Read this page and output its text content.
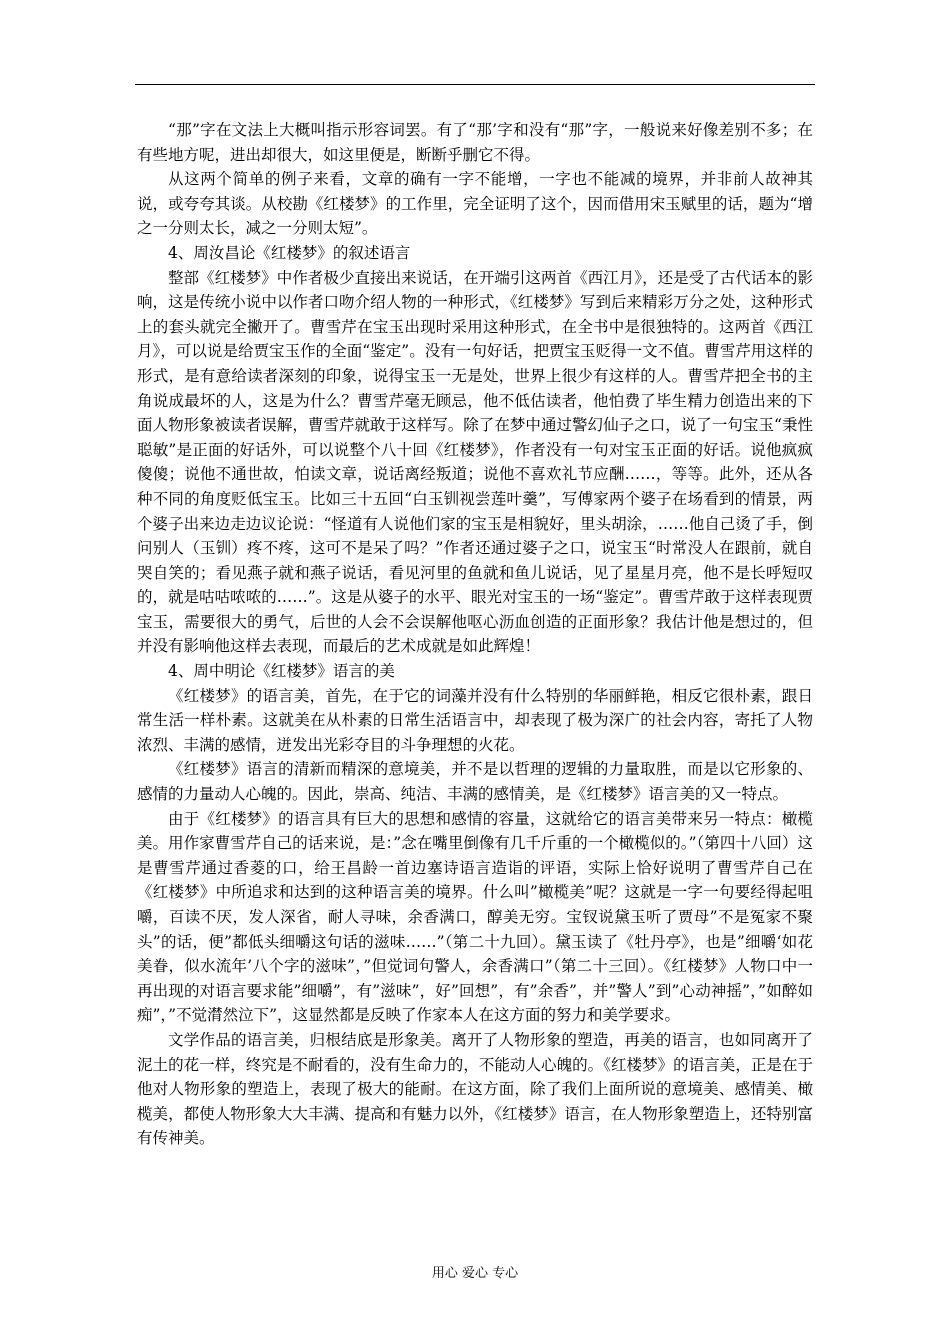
“那”字在文法上大概叫指示形容词罢。有了“那’字和没有“那”字，一般说来好像差别不多；在有些地方呢，进出却很大，如这里便是，断断乎删它不得。

从这两个简单的例子来看，文章的确有一字不能增，一字也不能减的境界，并非前人故神其说，或夸夸其谈。从校勘《红楼梦》的工作里，完全证明了这个，因而借用宋玉赋里的话，题为“增之一分则太长，减之一分则太短”。

4、周汝昌论《红楼梦》的叙述语言

整部《红楼梦》中作者极少直接出来说话，在开端引这两首《西江月》，还是受了古代话本的影响，这是传统小说中以作者口吻介绍人物的一种形式，《红楼梦》写到后来精彩万分之处，这种形式上的套头就完全撇开了。曹雪芹在宝玉出现时采用这种形式，在全书中是很独特的。这两首《西江月》，可以说是给贾宝玉作的全面“鉴定”。没有一句好话，把贾宝玉贬得一文不值。曹雪芹用这样的形式，是有意给读者深刻的印象，说得宝玉一无是处，世界上很少有这样的人。曹雪芹把全书的主角说成最坏的人，这是为什么？曹雪芹毫无顾忌，他不低估读者，他怕费了毕生精力创造出来的下面人物形象被读者误解，曹雪芹就敢于这样写。除了在梦中通过警幻仙子之口，说了一句宝玉“秉性聪敏”是正面的好话外，可以说整个八十回《红楼梦》，作者没有一句对宝玉正面的好话。说他疯疯傻傻；说他不通世故，怕读文章，说话离经叛道；说他不喜欢礼节应酬……，等等。此外，还从各种不同的角度贬低宝玉。比如三十五回“白玉钏视尝莲叶羹”，写傅家两个婆子在场看到的情景，两个婆子出来边走边议论说：“怪道有人说他们家的宝玉是相貌好，里头胡涂，……他自己烫了手，倒问别人（玉钏）疼不疼，这可不是呆了吗？”作者还通过婆子之口，说宝玉“时常没人在跟前，就自哭自笑的；看见燕子就和燕子说话，看见河里的鱼就和鱼儿说话，见了星星月亮，他不是长呼短叹的，就是咕咕哝哝的……”。这是从婆子的水平、眼光对宝玉的一场“鉴定”。曹雪芹敢于这样表现贾宝玉，需要很大的勇气，后世的人会不会误解他呕心沥血创造的正面形象？我估计他是想过的，但并没有影响他这样去表现，而最后的艺术成就是如此辉煌！

4、周中明论《红楼梦》语言的美

《红楼梦》的语言美，首先，在于它的词藻并没有什么特别的华丽鲜艳，相反它很朴素，跟日常生活一样朴素。这就美在从朴素的日常生活语言中，却表现了极为深广的社会内容，寄托了人物浓烈、丰满的感情，迸发出光彩夺目的斗争理想的火花。

《红楼梦》语言的清新而精深的意境美，并不是以哲理的逻辑的力量取胜，而是以它形象的、感情的力量动人心魄的。因此，崇高、纯洁、丰满的感情美，是《红楼梦》语言美的又一特点。

由于《红楼梦》的语言具有巨大的思想和感情的容量，这就给它的语言美带来另一特点：橄榄美。用作家曹雪芹自己的话来说，是：”念在嘴里倒像有几千斤重的一个橄榄似的。”（第四十八回）这是曹雪芹通过香菱的口，给王昌龄一首边塞诗语言造诣的评语，实际上恰好说明了曹雪芹自己在《红楼梦》中所追求和达到的这种语言美的境界。什么叫”橄榄美”呢？这就是一字一句要经得起咀嚼，百读不厌，发人深省，耐人寻味，余香满口，醇美无穷。宝钗说黛玉听了贾母”不是冤家不聚头”的话，便”都低头细嚼这句话的滋味……”（第二十九回）。黛玉读了《牡丹亭》，也是”细嚼‘如花美眷，似水流年’八个字的滋味”，”但觉词句警人，余香满口”（第二十三回）。《红楼梦》人物口中一再出现的对语言要求能”细嚼”，有”滋味”，好”回想”，有”余香”，并”警人”到”心动神摇”，”如醉如痴”，”不觉潸然泣下”，这显然都是反映了作家本人在这方面的努力和美学要求。

文学作品的语言美，归根结底是形象美。离开了人物形象的塑造，再美的语言，也如同离开了泥土的花一样，终究是不耐看的，没有生命力的，不能动人心魄的。《红楼梦》的语言美，正是在于他对人物形象的塑造上，表现了极大的能耐。在这方面，除了我们上面所说的意境美、感情美、橄榄美，都使人物形象大大丰满、提高和有魅力以外，《红楼梦》语言，在人物形象塑造上，还特别富有传神美。

用心 爱心 专心
